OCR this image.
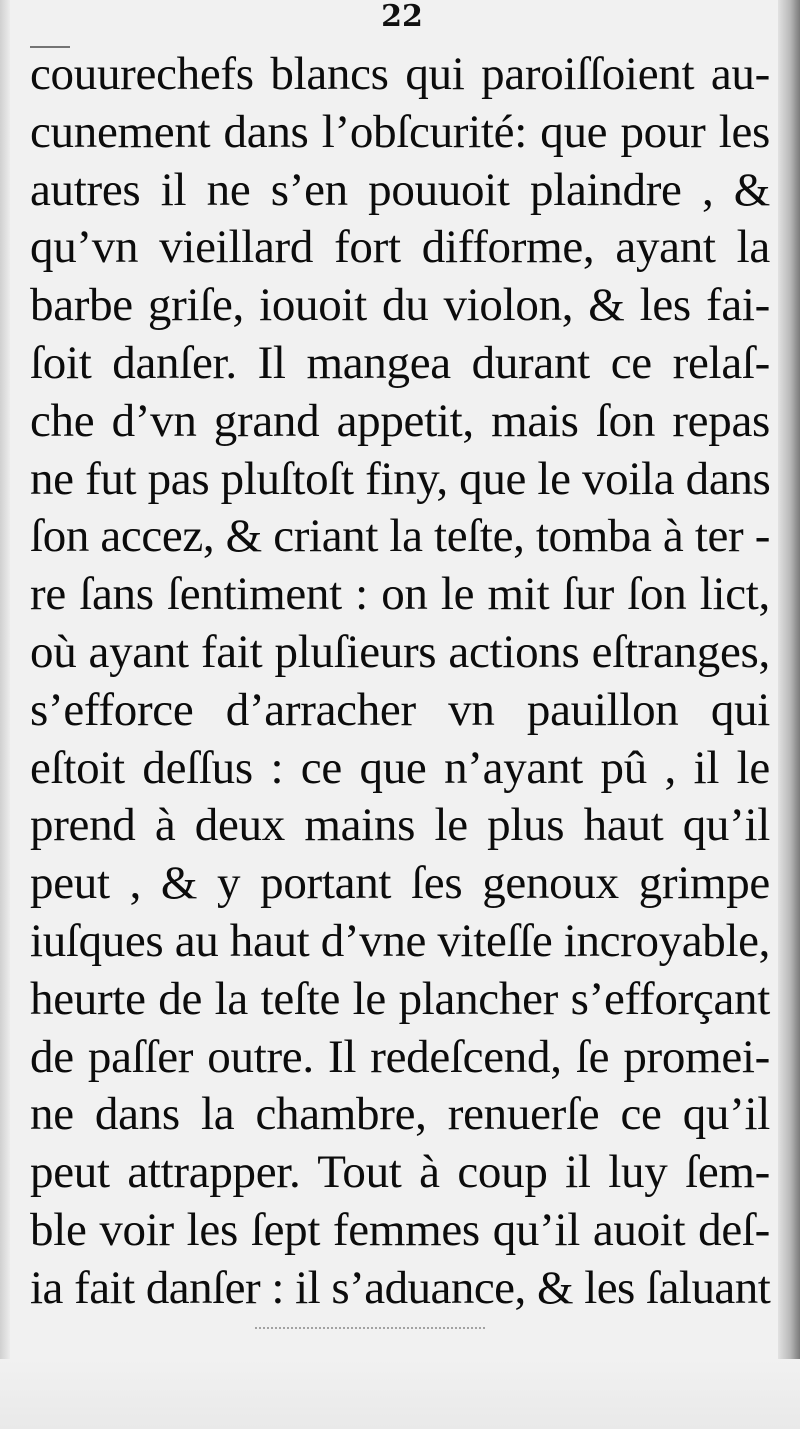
22
couurechefs blancs qui paroiſſoient au-
cunement dans l’obſcurité: que pour les
autres il ne s’en pouuoit plaindre , &
qu’vn vieillard fort difforme, ayant la
barbe griſe, iouoit du violon, & les fai-
ſoit danſer. Il mangea durant ce relaſ-
che d’vn grand appetit, mais ſon repas
ne fut pas pluſtoſt finy, que le voila dans
ſon accez, & criant la teſte, tomba à ter -
re ſans ſentiment : on le mit ſur ſon lict,
où ayant fait pluſieurs actions eſtranges,
s’efforce d’arracher vn pauillon qui
eſtoit deſſus : ce que n’ayant pû , il le
prend à deux mains le plus haut qu’il
peut , & y portant ſes genoux grimpe
iuſques au haut d’vne viteſſe incroyable,
heurte de la teſte le plancher s’efforçant
de paſſer outre. Il redeſcend, ſe promei-
ne dans la chambre, renuerſe ce qu’il
peut attrapper. Tout à coup il luy ſem-
ble voir les ſept femmes qu’il auoit deſ-
ia fait danſer : il s’aduance, & les ſaluant
